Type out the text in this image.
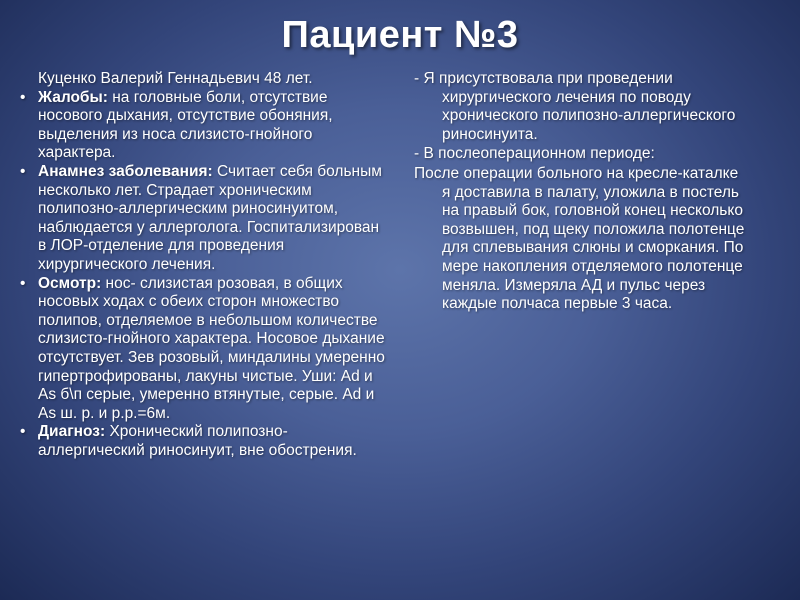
Пациент №3
Куценко Валерий Геннадьевич 48 лет.
• Жалобы: на головные боли, отсутствие носового дыхания, отсутствие обоняния, выделения из носа слизисто-гнойного характера.
• Анамнез заболевания: Считает себя больным несколько лет. Страдает хроническим полипозно-аллергическим риносинуитом, наблюдается у аллерголога. Госпитализирован в ЛОР-отделение для проведения хирургического лечения.
• Осмотр: нос- слизистая розовая, в общих носовых ходах с обеих сторон множество полипов, отделяемое в небольшом количестве слизисто-гнойного характера. Носовое дыхание отсутствует. Зев розовый, миндалины умеренно гипертрофированы, лакуны чистые. Уши: Ad и As б\п серые, умеренно втянутые, серые. Ad и As ш. р. и р.р.=6м.
• Диагноз: Хронический полипозно-аллергический риносинуит, вне обострения.
- Я присутствовала при проведении хирургического лечения по поводу хронического полипозно-аллергического риносинуита.
- В послеоперационном периоде:
После операции больного на кресле-каталке я доставила в палату, уложила в постель на правый бок, головной конец несколько возвышен, под щеку положила полотенце для сплевывания слюны и сморкания. По мере накопления отделяемого полотенце меняла. Измеряла АД и пульс через каждые полчаса первые 3 часа.
